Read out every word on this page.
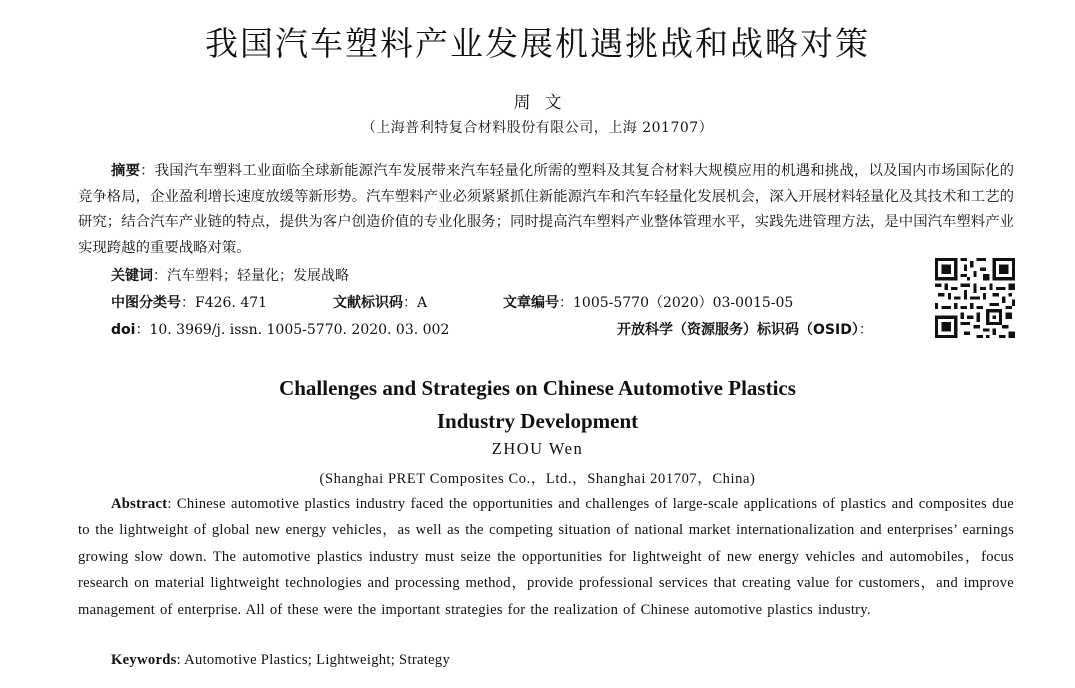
我国汽车塑料产业发展机遇挑战和战略对策
周文
（上海普利特复合材料股份有限公司，上海 201707）

摘要：我国汽车塑料工业面临全球新能源汽车发展带来汽车轻量化所需的塑料及其复合材料大规模应用的机遇和挑战，以及国内市场国际化的竞争格局，企业盈利增长速度放缓等新形势。汽车塑料产业必须紧紧抓住新能源汽车和汽车轻量化发展机会，深入开展材料轻量化及其技术和工艺的研究；结合汽车产业链的特点，提供为客户创造价值的专业化服务；同时提高汽车塑料产业整体管理水平，实践先进管理方法，是中国汽车塑料产业实现跨越的重要战略对策。

关键词：汽车塑料；轻量化；发展战略
中图分类号：F426. 471	文献标识码：A	文章编号：1005-5770（2020）03-0015-05
doi：10. 3969/j. issn. 1005-5770. 2020. 03. 002	开放科学（资源服务）标识码（OSID）：
Challenges and Strategies on Chinese Automotive Plastics
Industry Development
ZHOU Wen
(Shanghai PRET Composites Co.，Ltd.，Shanghai 201707，China)

Abstract: Chinese automotive plastics industry faced the opportunities and challenges of large-scale applications of plastics and composites due to the lightweight of global new energy vehicles，as well as the competing situation of national market internationalization and enterprises’ earnings growing slow down. The automotive plastics industry must seize the opportunities for lightweight of new energy vehicles and automobiles，focus research on material lightweight technologies and processing method，provide professional services that creating value for customers，and improve management of enterprise. All of these were the important strategies for the realization of Chinese automotive plastics industry.

Keywords: Automotive Plastics; Lightweight; Strategy
